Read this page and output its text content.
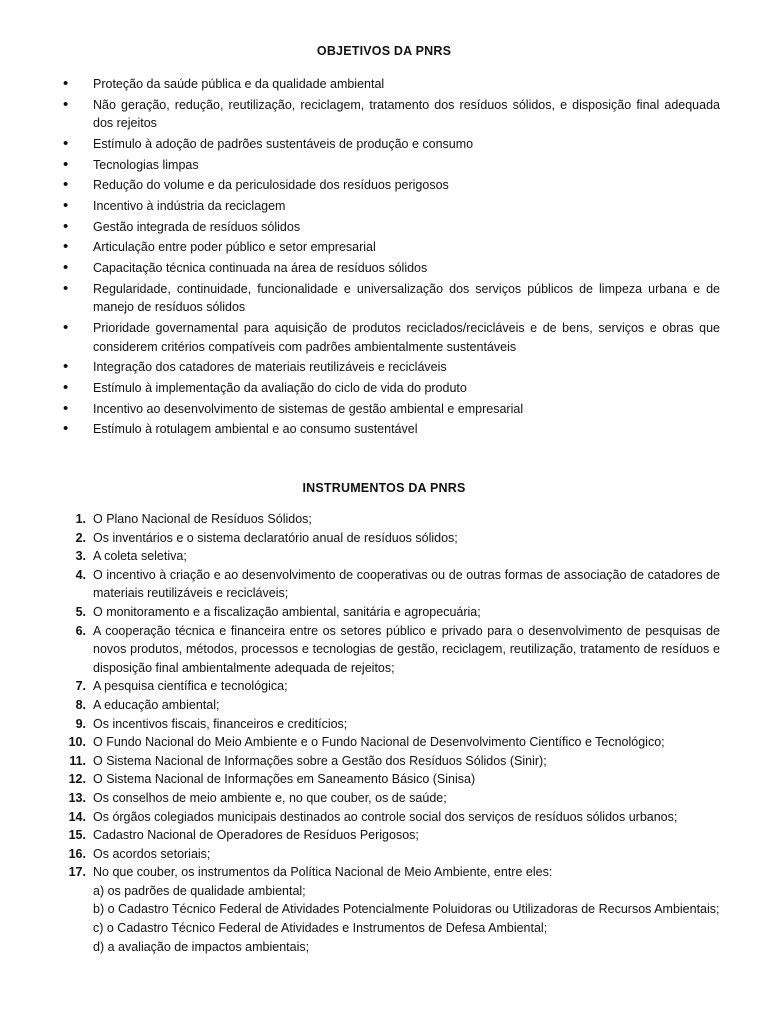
OBJETIVOS DA PNRS
• Proteção da saúde pública e da qualidade ambiental
• Não geração, redução, reutilização, reciclagem, tratamento dos resíduos sólidos, e disposição final adequada dos rejeitos
• Estímulo à adoção de padrões sustentáveis de produção e consumo
• Tecnologias limpas
• Redução do volume e da periculosidade dos resíduos perigosos
• Incentivo à indústria da reciclagem
• Gestão integrada de resíduos sólidos
• Articulação entre poder público e setor empresarial
• Capacitação técnica continuada na área de resíduos sólidos
• Regularidade, continuidade, funcionalidade e universalização dos serviços públicos de limpeza urbana e de manejo de resíduos sólidos
• Prioridade governamental para aquisição de produtos reciclados/recicláveis e de bens, serviços e obras que considerem critérios compatíveis com padrões ambientalmente sustentáveis
• Integração dos catadores de materiais reutilizáveis e recicláveis
• Estímulo à implementação da avaliação do ciclo de vida do produto
• Incentivo ao desenvolvimento de sistemas de gestão ambiental e empresarial
• Estímulo à rotulagem ambiental e ao consumo sustentável
INSTRUMENTOS DA PNRS
1. O Plano Nacional de Resíduos Sólidos;
2. Os inventários e o sistema declaratório anual de resíduos sólidos;
3. A coleta seletiva;
4. O incentivo à criação e ao desenvolvimento de cooperativas ou de outras formas de associação de catadores de materiais reutilizáveis e recicláveis;
5. O monitoramento e a fiscalização ambiental, sanitária e agropecuária;
6. A cooperação técnica e financeira entre os setores público e privado para o desenvolvimento de pesquisas de novos produtos, métodos, processos e tecnologias de gestão, reciclagem, reutilização, tratamento de resíduos e disposição final ambientalmente adequada de rejeitos;
7. A pesquisa científica e tecnológica;
8. A educação ambiental;
9. Os incentivos fiscais, financeiros e creditícios;
10. O Fundo Nacional do Meio Ambiente e o Fundo Nacional de Desenvolvimento Científico e Tecnológico;
11. O Sistema Nacional de Informações sobre a Gestão dos Resíduos Sólidos (Sinir);
12. O Sistema Nacional de Informações em Saneamento Básico (Sinisa)
13. Os conselhos de meio ambiente e, no que couber, os de saúde;
14. Os órgãos colegiados municipais destinados ao controle social dos serviços de resíduos sólidos urbanos;
15. Cadastro Nacional de Operadores de Resíduos Perigosos;
16. Os acordos setoriais;
17. No que couber, os instrumentos da Política Nacional de Meio Ambiente, entre eles:
a) os padrões de qualidade ambiental;
b) o Cadastro Técnico Federal de Atividades Potencialmente Poluidoras ou Utilizadoras de Recursos Ambientais;
c) o Cadastro Técnico Federal de Atividades e Instrumentos de Defesa Ambiental;
d) a avaliação de impactos ambientais;
